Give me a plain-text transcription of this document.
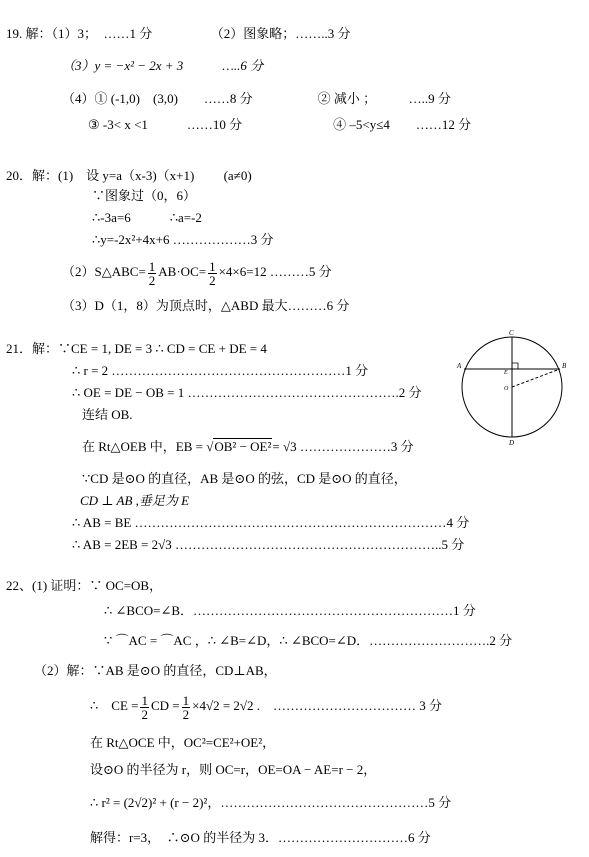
19. 解：（1）3；　……1 分　　　　　（2）图象略；……..3 分
（3）y = −x² − 2x + 3　　　…..6 分
（4）① (-1,0)　(3,0)　　……8 分　　　　　② 减小 ；　　　…..9 分
③ -3< x <1　　　……10 分　　　　　　　④ –5<y≤4　　……12 分
20．解：(1)　设 y=a（x-3)（x+1)　　 (a≠0)
∵图象过（0，6）
∴-3a=6　　　∴a=-2
∴y=-2x²+4x+6 ………………3 分
（2）S△ABC= $\frac{1}{2} AB\cdot OC= \frac{1}{2} \times 4\times 6=12$ ………5 分
（3）D（1，8）为顶点时，△ABD 最大………6 分
21．解：∵CE = 1, DE = 3 ∴ CD = CE + DE = 4
∴ r = 2 ………………………………………………1 分
∴ OE = DE − OB = 1 ………………………………………….2 分
连结 OB.
在 Rt△OEB 中，EB = √OB² − OE²= √3 …………………3 分
∵CD 是⊙O 的直径，AB 是⊙O 的弦，CD 是⊙O 的直径，
CD ⊥ AB ,垂足为 E
∴ AB = BE ………………………………………………………………4 分
∴ AB = 2EB = 2√3 ……………………………………………………..5 分
C
A	B
E
O
D
22、(1) 证明：∵ OC=OB，
∴ ∠BCO=∠B．……………………………………………………1 分
∵ ⌒AC = ⌒AC ，∴ ∠B=∠D，∴ ∠BCO=∠D．……………………….2 分
（2）解：∵AB 是⊙O 的直径，CD⊥AB，
∴　CE = $\frac{1}{2}$ CD = $\frac{1}{2} \times 4√2 = 2√2$ .　…………………………… 3 分
在 Rt△OCE 中，OC²=CE²+OE²，
设⊙O 的半径为 r，则 OC=r，OE=OA − AE=r − 2，
∴ r² = (2√2)² + (r − 2)²，…………………………………………5 分
解得：r=3，　∴⊙O 的半径为 3．…………………………6 分
